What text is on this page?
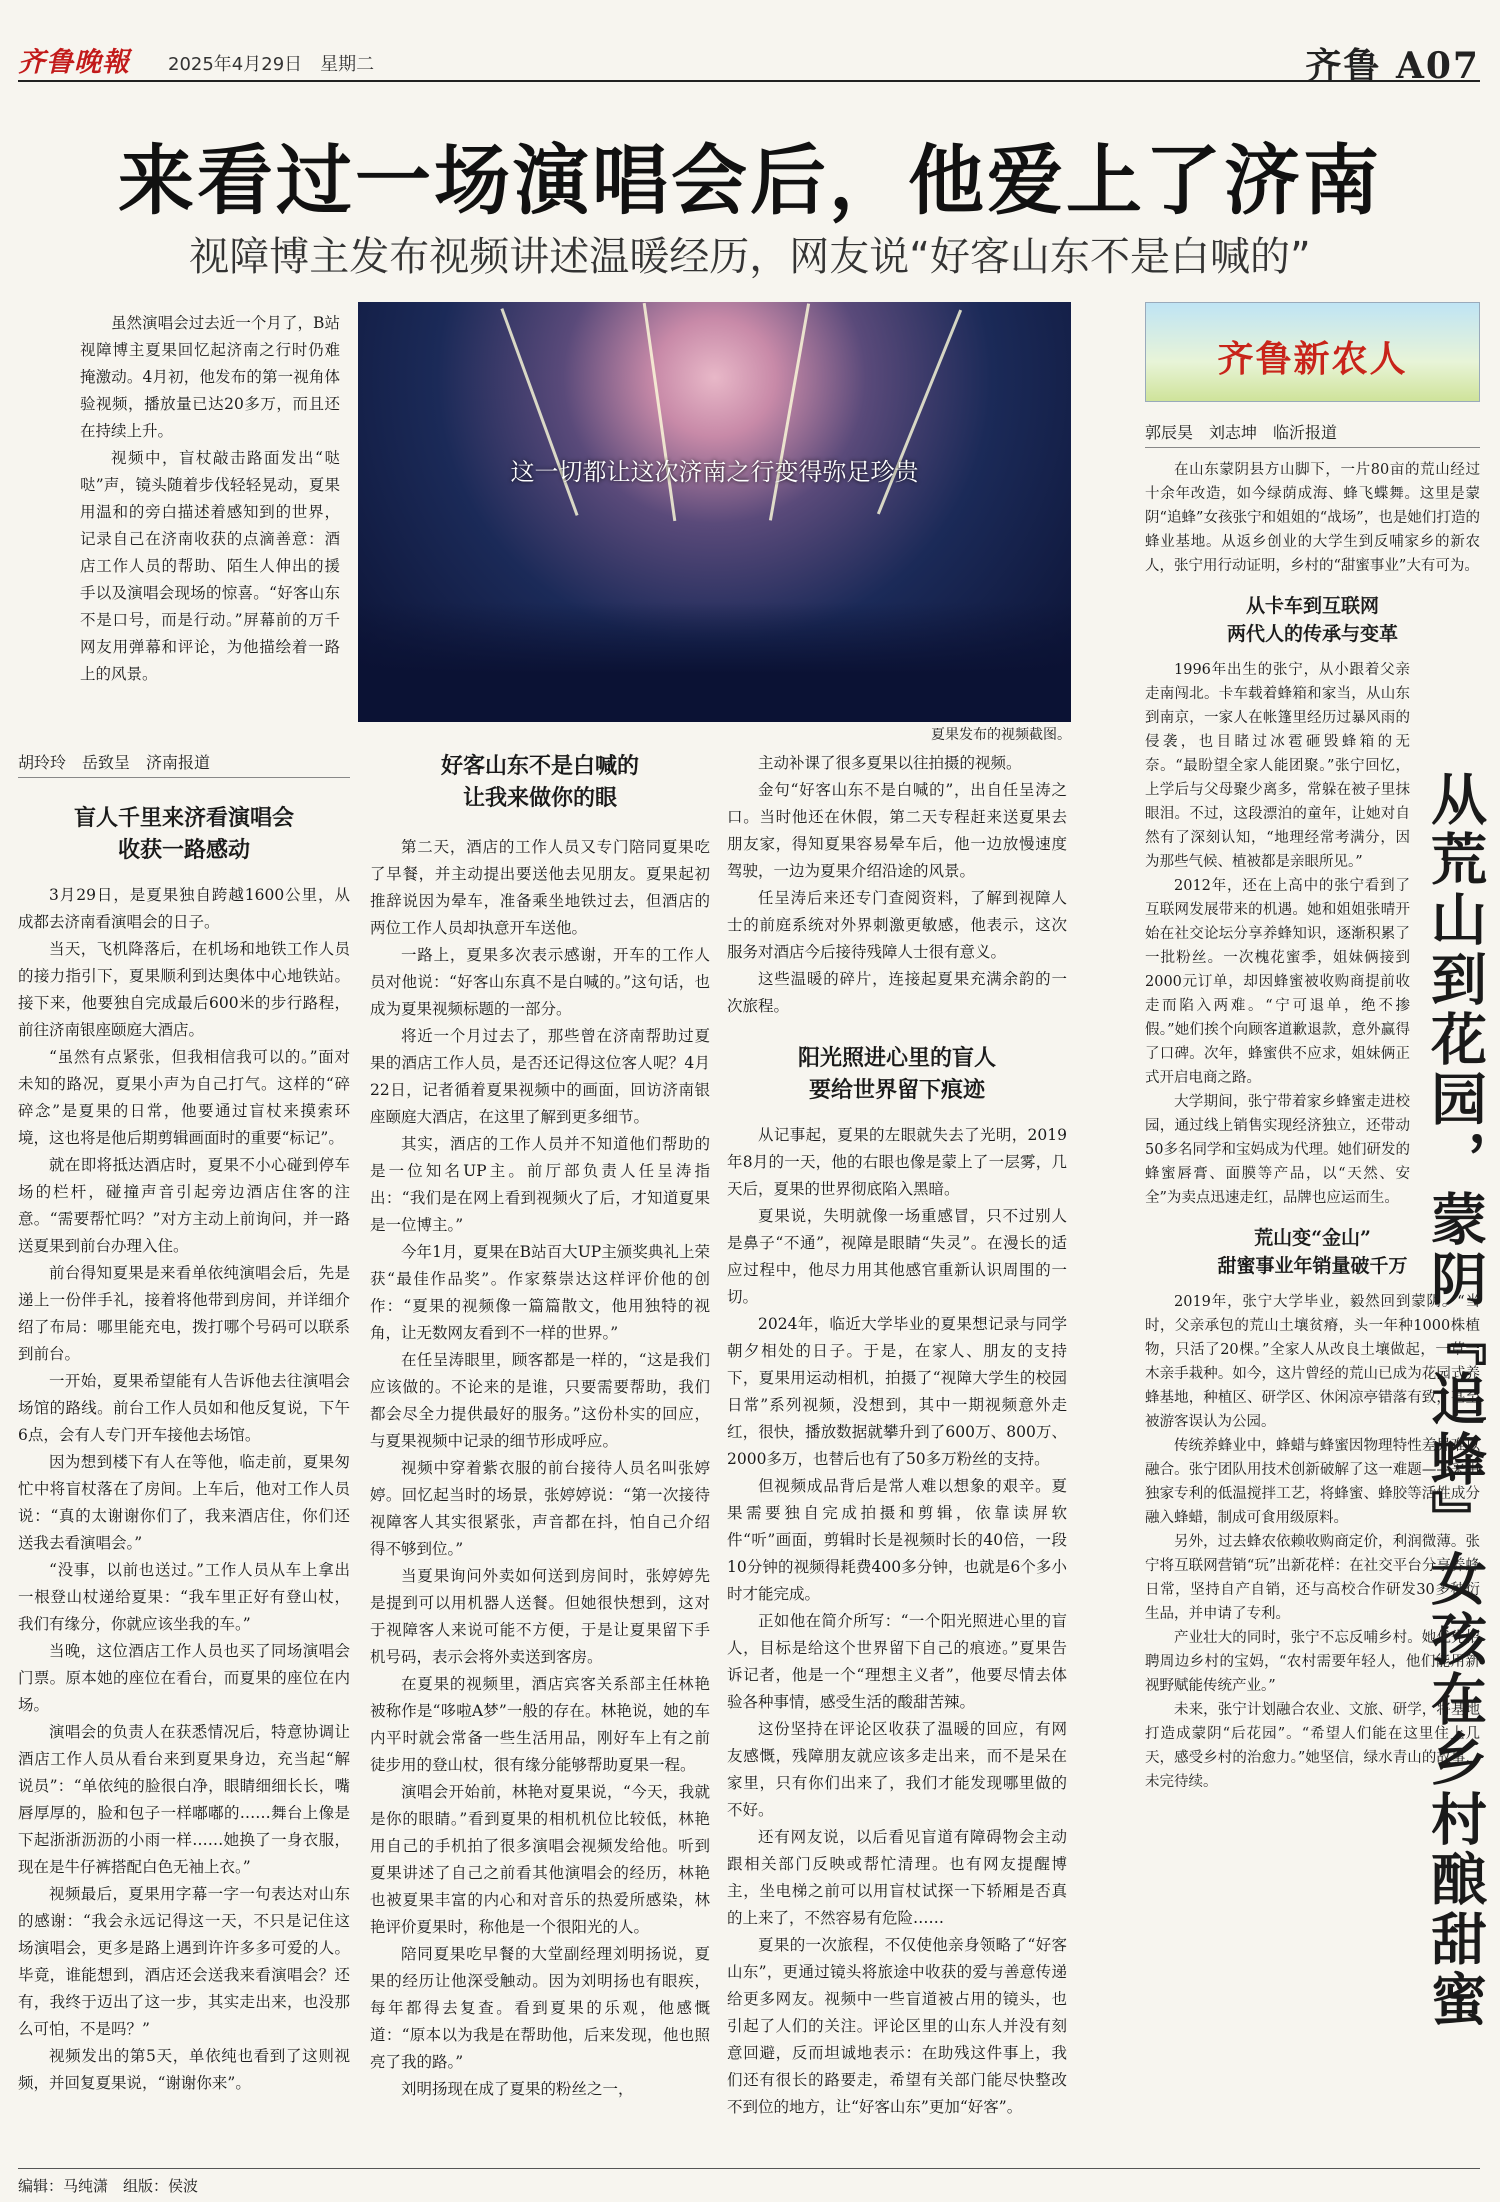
齐鲁晚報 2025年4月29日　星期二	齐鲁 A07
来看过一场演唱会后，他爱上了济南
视障博主发布视频讲述温暖经历，网友说“好客山东不是白喊的”

虽然演唱会过去近一个月了，B站视障博主夏果回忆起济南之行时仍难掩激动。4月初，他发布的第一视角体验视频，播放量已达20多万，而且还在持续上升。

视频中，盲杖敲击路面发出“哒哒”声，镜头随着步伐轻轻晃动，夏果用温和的旁白描述着感知到的世界，记录自己在济南收获的点滴善意：酒店工作人员的帮助、陌生人伸出的援手以及演唱会现场的惊喜。“好客山东不是口号，而是行动。”屏幕前的万千网友用弹幕和评论，为他描绘着一路上的风景。

这一切都让这次济南之行变得弥足珍贵
夏果发布的视频截图。
胡玲玲　岳致呈　济南报道
盲人千里来济看演唱会
收获一路感动

3月29日，是夏果独自跨越1600公里，从成都去济南看演唱会的日子。

当天，飞机降落后，在机场和地铁工作人员的接力指引下，夏果顺利到达奥体中心地铁站。接下来，他要独自完成最后600米的步行路程，前往济南银座颐庭大酒店。

“虽然有点紧张，但我相信我可以的。”面对未知的路况，夏果小声为自己打气。这样的“碎碎念”是夏果的日常，他要通过盲杖来摸索环境，这也将是他后期剪辑画面时的重要“标记”。

就在即将抵达酒店时，夏果不小心碰到停车场的栏杆，碰撞声音引起旁边酒店住客的注意。“需要帮忙吗？”对方主动上前询问，并一路送夏果到前台办理入住。

前台得知夏果是来看单依纯演唱会后，先是递上一份伴手礼，接着将他带到房间，并详细介绍了布局：哪里能充电，拨打哪个号码可以联系到前台。

一开始，夏果希望能有人告诉他去往演唱会场馆的路线。前台工作人员如和他反复说，下午6点，会有人专门开车接他去场馆。

因为想到楼下有人在等他，临走前，夏果匆忙中将盲杖落在了房间。上车后，他对工作人员说：“真的太谢谢你们了，我来酒店住，你们还送我去看演唱会。”

“没事，以前也送过。”工作人员从车上拿出一根登山杖递给夏果：“我车里正好有登山杖，我们有缘分，你就应该坐我的车。”

当晚，这位酒店工作人员也买了同场演唱会门票。原本她的座位在看台，而夏果的座位在内场。

演唱会的负责人在获悉情况后，特意协调让酒店工作人员从看台来到夏果身边，充当起“解说员”：“单依纯的脸很白净，眼睛细细长长，嘴唇厚厚的，脸和包子一样嘟嘟的……舞台上像是下起浙浙沥沥的小雨一样……她换了一身衣服，现在是牛仔裤搭配白色无袖上衣。”

视频最后，夏果用字幕一字一句表达对山东的感谢：“我会永远记得这一天，不只是记住这场演唱会，更多是路上遇到许许多多可爱的人。毕竟，谁能想到，酒店还会送我来看演唱会？还有，我终于迈出了这一步，其实走出来，也没那么可怕，不是吗？”

视频发出的第5天，单依纯也看到了这则视频，并回复夏果说，“谢谢你来”。

好客山东不是白喊的
让我来做你的眼

第二天，酒店的工作人员又专门陪同夏果吃了早餐，并主动提出要送他去见朋友。夏果起初推辞说因为晕车，准备乘坐地铁过去，但酒店的两位工作人员却执意开车送他。

一路上，夏果多次表示感谢，开车的工作人员对他说：“好客山东真不是白喊的。”这句话，也成为夏果视频标题的一部分。

将近一个月过去了，那些曾在济南帮助过夏果的酒店工作人员，是否还记得这位客人呢？4月22日，记者循着夏果视频中的画面，回访济南银座颐庭大酒店，在这里了解到更多细节。

其实，酒店的工作人员并不知道他们帮助的是一位知名UP主。前厅部负责人任呈涛指出：“我们是在网上看到视频火了后，才知道夏果是一位博主。”

今年1月，夏果在B站百大UP主颁奖典礼上荣获“最佳作品奖”。作家蔡崇达这样评价他的创作：“夏果的视频像一篇篇散文，他用独特的视角，让无数网友看到不一样的世界。”

在任呈涛眼里，顾客都是一样的，“这是我们应该做的。不论来的是谁，只要需要帮助，我们都会尽全力提供最好的服务。”这份朴实的回应，与夏果视频中记录的细节形成呼应。

视频中穿着紫衣服的前台接待人员名叫张婷婷。回忆起当时的场景，张婷婷说：“第一次接待视障客人其实很紧张，声音都在抖，怕自己介绍得不够到位。”

当夏果询问外卖如何送到房间时，张婷婷先是提到可以用机器人送餐。但她很快想到，这对于视障客人来说可能不方便，于是让夏果留下手机号码，表示会将外卖送到客房。

在夏果的视频里，酒店宾客关系部主任林艳被称作是“哆啦A梦”一般的存在。林艳说，她的车内平时就会常备一些生活用品，刚好车上有之前徒步用的登山杖，很有缘分能够帮助夏果一程。

演唱会开始前，林艳对夏果说，“今天，我就是你的眼睛。”看到夏果的相机机位比较低，林艳用自己的手机拍了很多演唱会视频发给他。听到夏果讲述了自己之前看其他演唱会的经历，林艳也被夏果丰富的内心和对音乐的热爱所感染，林艳评价夏果时，称他是一个很阳光的人。

陪同夏果吃早餐的大堂副经理刘明扬说，夏果的经历让他深受触动。因为刘明扬也有眼疾，每年都得去复查。看到夏果的乐观，他感慨道：“原本以为我是在帮助他，后来发现，他也照亮了我的路。”

刘明扬现在成了夏果的粉丝之一，

主动补课了很多夏果以往拍摄的视频。

金句“好客山东不是白喊的”，出自任呈涛之口。当时他还在休假，第二天专程赶来送夏果去朋友家，得知夏果容易晕车后，他一边放慢速度驾驶，一边为夏果介绍沿途的风景。

任呈涛后来还专门查阅资料，了解到视障人士的前庭系统对外界刺激更敏感，他表示，这次服务对酒店今后接待残障人士很有意义。

这些温暖的碎片，连接起夏果充满余韵的一次旅程。

阳光照进心里的盲人
要给世界留下痕迹

从记事起，夏果的左眼就失去了光明，2019年8月的一天，他的右眼也像是蒙上了一层雾，几天后，夏果的世界彻底陷入黑暗。

夏果说，失明就像一场重感冒，只不过别人是鼻子“不通”，视障是眼睛“失灵”。在漫长的适应过程中，他尽力用其他感官重新认识周围的一切。

2024年，临近大学毕业的夏果想记录与同学朝夕相处的日子。于是，在家人、朋友的支持下，夏果用运动相机，拍摄了“视障大学生的校园日常”系列视频，没想到，其中一期视频意外走红，很快，播放数据就攀升到了600万、800万、2000多万，也替后也有了50多万粉丝的支持。

但视频成品背后是常人难以想象的艰辛。夏果需要独自完成拍摄和剪辑，依靠读屏软件“听”画面，剪辑时长是视频时长的40倍，一段10分钟的视频得耗费400多分钟，也就是6个多小时才能完成。

正如他在简介所写：“一个阳光照进心里的盲人，目标是给这个世界留下自己的痕迹。”夏果告诉记者，他是一个“理想主义者”，他要尽情去体验各种事情，感受生活的酸甜苦辣。

这份坚持在评论区收获了温暖的回应，有网友感慨，残障朋友就应该多走出来，而不是呆在家里，只有你们出来了，我们才能发现哪里做的不好。

还有网友说，以后看见盲道有障碍物会主动跟相关部门反映或帮忙清理。也有网友提醒博主，坐电梯之前可以用盲杖试探一下轿厢是否真的上来了，不然容易有危险……

夏果的一次旅程，不仅使他亲身领略了“好客山东”，更通过镜头将旅途中收获的爱与善意传递给更多网友。视频中一些盲道被占用的镜头，也引起了人们的关注。评论区里的山东人并没有刻意回避，反而坦诚地表示：在助残这件事上，我们还有很长的路要走，希望有关部门能尽快整改不到位的地方，让“好客山东”更加“好客”。

齐鲁新农人
郭辰昊　刘志坤　临沂报道

在山东蒙阴县方山脚下，一片80亩的荒山经过十余年改造，如今绿荫成海、蜂飞蝶舞。这里是蒙阴“追蜂”女孩张宁和姐姐的“战场”，也是她们打造的蜂业基地。从返乡创业的大学生到反哺家乡的新农人，张宁用行动证明，乡村的“甜蜜事业”大有可为。

从卡车到互联网
两代人的传承与变革

1996年出生的张宁，从小跟着父亲走南闯北。卡车载着蜂箱和家当，从山东到南京，一家人在帐篷里经历过暴风雨的侵袭，也目睹过冰雹砸毁蜂箱的无奈。“最盼望全家人能团聚。”张宁回忆，上学后与父母聚少离多，常躲在被子里抹眼泪。不过，这段漂泊的童年，让她对自然有了深刻认知，“地理经常考满分，因为那些气候、植被都是亲眼所见。”

2012年，还在上高中的张宁看到了互联网发展带来的机遇。她和姐姐张晴开始在社交论坛分享养蜂知识，逐渐积累了一批粉丝。一次槐花蜜季，姐妹俩接到2000元订单，却因蜂蜜被收购商提前收走而陷入两难。“宁可退单，绝不掺假。”她们挨个向顾客道歉退款，意外赢得了口碑。次年，蜂蜜供不应求，姐妹俩正式开启电商之路。

大学期间，张宁带着家乡蜂蜜走进校园，通过线上销售实现经济独立，还带动50多名同学和宝妈成为代理。她们研发的蜂蜜唇膏、面膜等产品，以“天然、安全”为卖点迅速走红，品牌也应运而生。

荒山变“金山”
甜蜜事业年销量破千万

2019年，张宁大学毕业，毅然回到蒙阴。“当时，父亲承包的荒山土壤贫瘠，头一年种1000株植物，只活了20棵。”全家人从改良土壤做起，一草一木亲手栽种。如今，这片曾经的荒山已成为花园式养蜂基地，种植区、研学区、休闲凉亭错落有致，甚至被游客误认为公园。

传统养蜂业中，蜂蜡与蜂蜜因物理特性差异难以融合。张宁团队用技术创新破解了这一难题——采用独家专利的低温搅拌工艺，将蜂蜜、蜂胶等活性成分融入蜂蜡，制成可食用级原料。

另外，过去蜂农依赖收购商定价，利润微薄。张宁将互联网营销“玩”出新花样：在社交平台分享养蜂日常，坚持自产自销，还与高校合作研发30多种衍生品，并申请了专利。

产业壮大的同时，张宁不忘反哺乡村。她优先招聘周边乡村的宝妈，“农村需要年轻人，他们能用新视野赋能传统产业。”

未来，张宁计划融合农业、文旅、研学，将基地打造成蒙阴“后花园”。“希望人们能在这里住上几天，感受乡村的治愈力。”她坚信，绿水青山的故事，未完待续。	从荒山到花园，蒙阴『追蜂』女孩在乡村酿甜蜜
编辑：马纯潇　组版：侯波
